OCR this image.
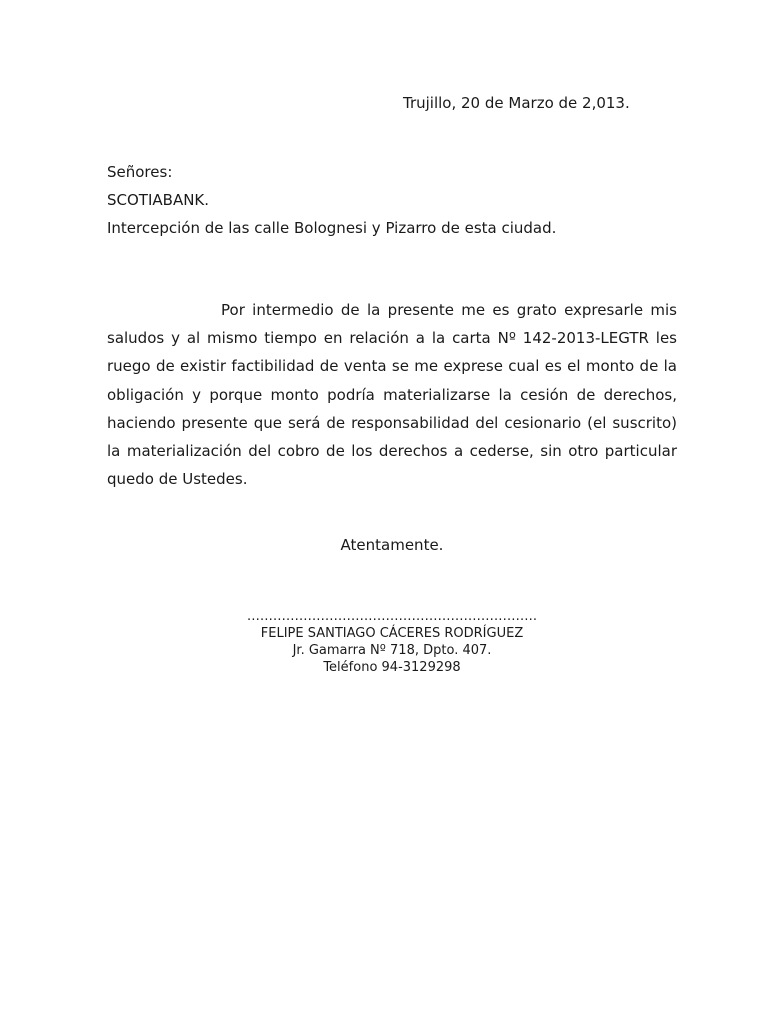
Trujillo, 20 de Marzo de 2,013.
Señores:
SCOTIABANK.
Intercepción de las calle Bolognesi y Pizarro de esta ciudad.

Por intermedio de la presente me es grato expresarle mis saludos y al mismo tiempo en relación a la carta Nº 142-2013-LEGTR les ruego de existir factibilidad de venta se me exprese cual es el monto de la obligación y porque monto podría materializarse la cesión de derechos, haciendo presente que será de responsabilidad del cesionario (el suscrito) la materialización del cobro de los derechos a cederse, sin otro particular quedo de Ustedes.

Atentamente.
………………………………………………………….
FELIPE SANTIAGO CÁCERES RODRÍGUEZ
Jr. Gamarra Nº 718, Dpto. 407.
Teléfono 94-3129298
